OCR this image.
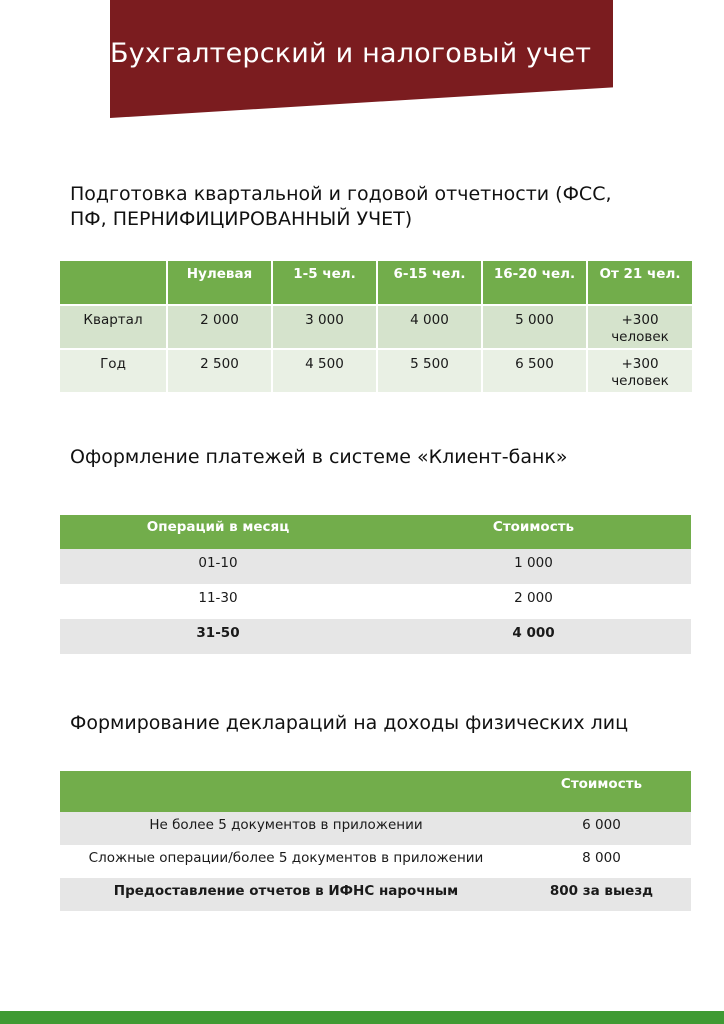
Бухгалтерский и налоговый учет
Подготовка квартальной и годовой отчетности (ФСС,
ПФ, ПЕРНИФИЦИРОВАННЫЙ УЧЕТ)
	Нулевая	1-5 чел.	6-15 чел.	16-20 чел.	От 21 чел.
Квартал	2 000	3 000	4 000	5 000	+300 человек
Год	2 500	4 500	5 500	6 500	+300 человек
Оформление платежей в системе «Клиент-банк»
Операций в месяц	Стоимость
01-10	1 000
11-30	2 000
31-50	4 000
Формирование деклараций на доходы физических лиц
	Стоимость
Не более 5 документов в приложении	6 000
Сложные операции/более 5 документов в приложении	8 000
Предоставление отчетов в ИФНС нарочным	800 за выезд
